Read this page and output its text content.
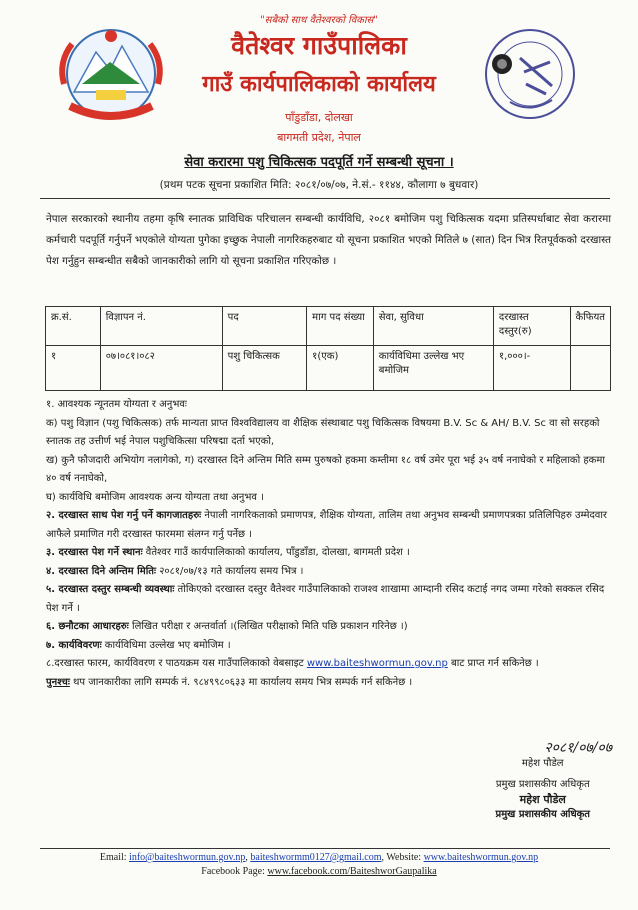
"सबैको साथ वैतेश्वरको विकास"
वैतेश्वर गाउँपालिका
गाउँ कार्यपालिकाको कार्यालय
पाँडुडाँडा, दोलखा
बागमती प्रदेश, नेपाल
सेवा करारमा पशु चिकित्सक पदपूर्ति गर्ने सम्बन्धी सूचना ।
(प्रथम पटक सूचना प्रकाशित मिति: २०८१/०७/०७, ने.सं.- ११४४, कौलागा ७ बुधवार)
नेपाल सरकारको स्थानीय तहमा कृषि स्नातक प्राविधिक परिचालन सम्बन्धी कार्यविधि, २०८१ बमोजिम पशु चिकित्सक यदमा प्रतिस्पर्धाबाट सेवा करारमा कर्मचारी पदपूर्ति गर्नुपर्ने भएकोले योग्यता पुगेका इच्छुक नेपाली नागरिकहरुबाट यो सूचना प्रकाशित भएको मितिले ७ (सात) दिन भित्र रितपूर्वकको दरखास्त पेश गर्नुहुन सम्बन्धीत सबैको जानकारीको लागि यो सूचना प्रकाशित गरिएकोछ ।
क्र.सं.	विज्ञापन नं.	पद	माग पद संख्या	सेवा, सुविधा	दरखास्त दस्तुर(रु)	कैफियत
१	०७।०८१।०८२	पशु चिकित्सक	१(एक)	कार्यविधिमा उल्लेख भए बमोजिम	१,०००।-	
१. आवश्यक न्यूनतम योग्यता र अनुभवः
क) पशु विज्ञान (पशु चिकित्सक) तर्फ मान्यता प्राप्त विश्वविद्यालय वा शैक्षिक संस्थाबाट पशु चिकित्सक विषयमा B.V. Sc & AH/ B.V. Sc वा सो सरहको स्नातक तह उत्तीर्ण भई नेपाल पशुचिकित्सा परिषद्मा दर्ता भएको,
ख) कुनै फौजदारी अभियोग नलागेको, ग) दरखास्त दिने अन्तिम मिति सम्म पुरुषको हकमा कम्तीमा १८ वर्ष उमेर पूरा भई ३५ वर्ष ननाघेको र महिलाको हकमा ४० वर्ष ननाघेको,
घ) कार्यविधि बमोजिम आवश्यक अन्य योग्यता तथा अनुभव ।
२. दरखास्त साथ पेश गर्नु पर्ने कागजातहरुः नेपाली नागरिकताको प्रमाणपत्र, शैक्षिक योग्यता, तालिम तथा अनुभव सम्बन्धी प्रमाणपत्रका प्रतिलिपिहरु उम्मेदवार आफैले प्रमाणित गरी दरखास्त फारममा संलग्न गर्नु पर्नेछ ।
३. दरखास्त पेश गर्ने स्थानः वैतेश्वर गाउँ कार्यपालिकाको कार्यालय, पाँडुडाँडा, दोलखा, बागमती प्रदेश ।
४. दरखास्त दिने अन्तिम मितिः २०८१/०७/१३ गते कार्यालय समय भित्र ।
५. दरखास्त दस्तुर सम्बन्धी व्यवस्थाः तोकिएको दरखास्त दस्तुर वैतेश्वर गाउँपालिकाको राजश्व शाखामा आम्दानी रसिद कटाई नगद जम्मा गरेको सक्कल रसिद पेश गर्ने ।
६. छनौटका आधारहरुः लिखित परीक्षा र अन्तर्वार्ता ।(लिखित परीक्षाको मिति पछि प्रकाशन गरिनेछ ।)
७. कार्यविवरणः कार्यविधिमा उल्लेख भए बमोजिम ।
८.दरखास्त फारम, कार्यविवरण र पाठयक्रम यस गाउँपालिकाको वेबसाइट www.baiteshwormun.gov.np बाट प्राप्त गर्न सकिनेछ ।
पुनश्चः थप जानकारीका लागि सम्पर्क नं. ९८४९९८०६३३ मा कार्यालय समय भित्र सम्पर्क गर्न सकिनेछ ।
२०८१/०७/०७
महेश पौडेल
प्रमुख प्रशासकीय अधिकृत
महेश पौडेल
प्रमुख प्रशासकीय अधिकृत
Email: info@baiteshwormun.gov.np, baiteshwormm0127@gmail.com, Website: www.baiteshwormun.gov.np
Facebook Page: www.facebook.com/BaiteshworGaupalika
